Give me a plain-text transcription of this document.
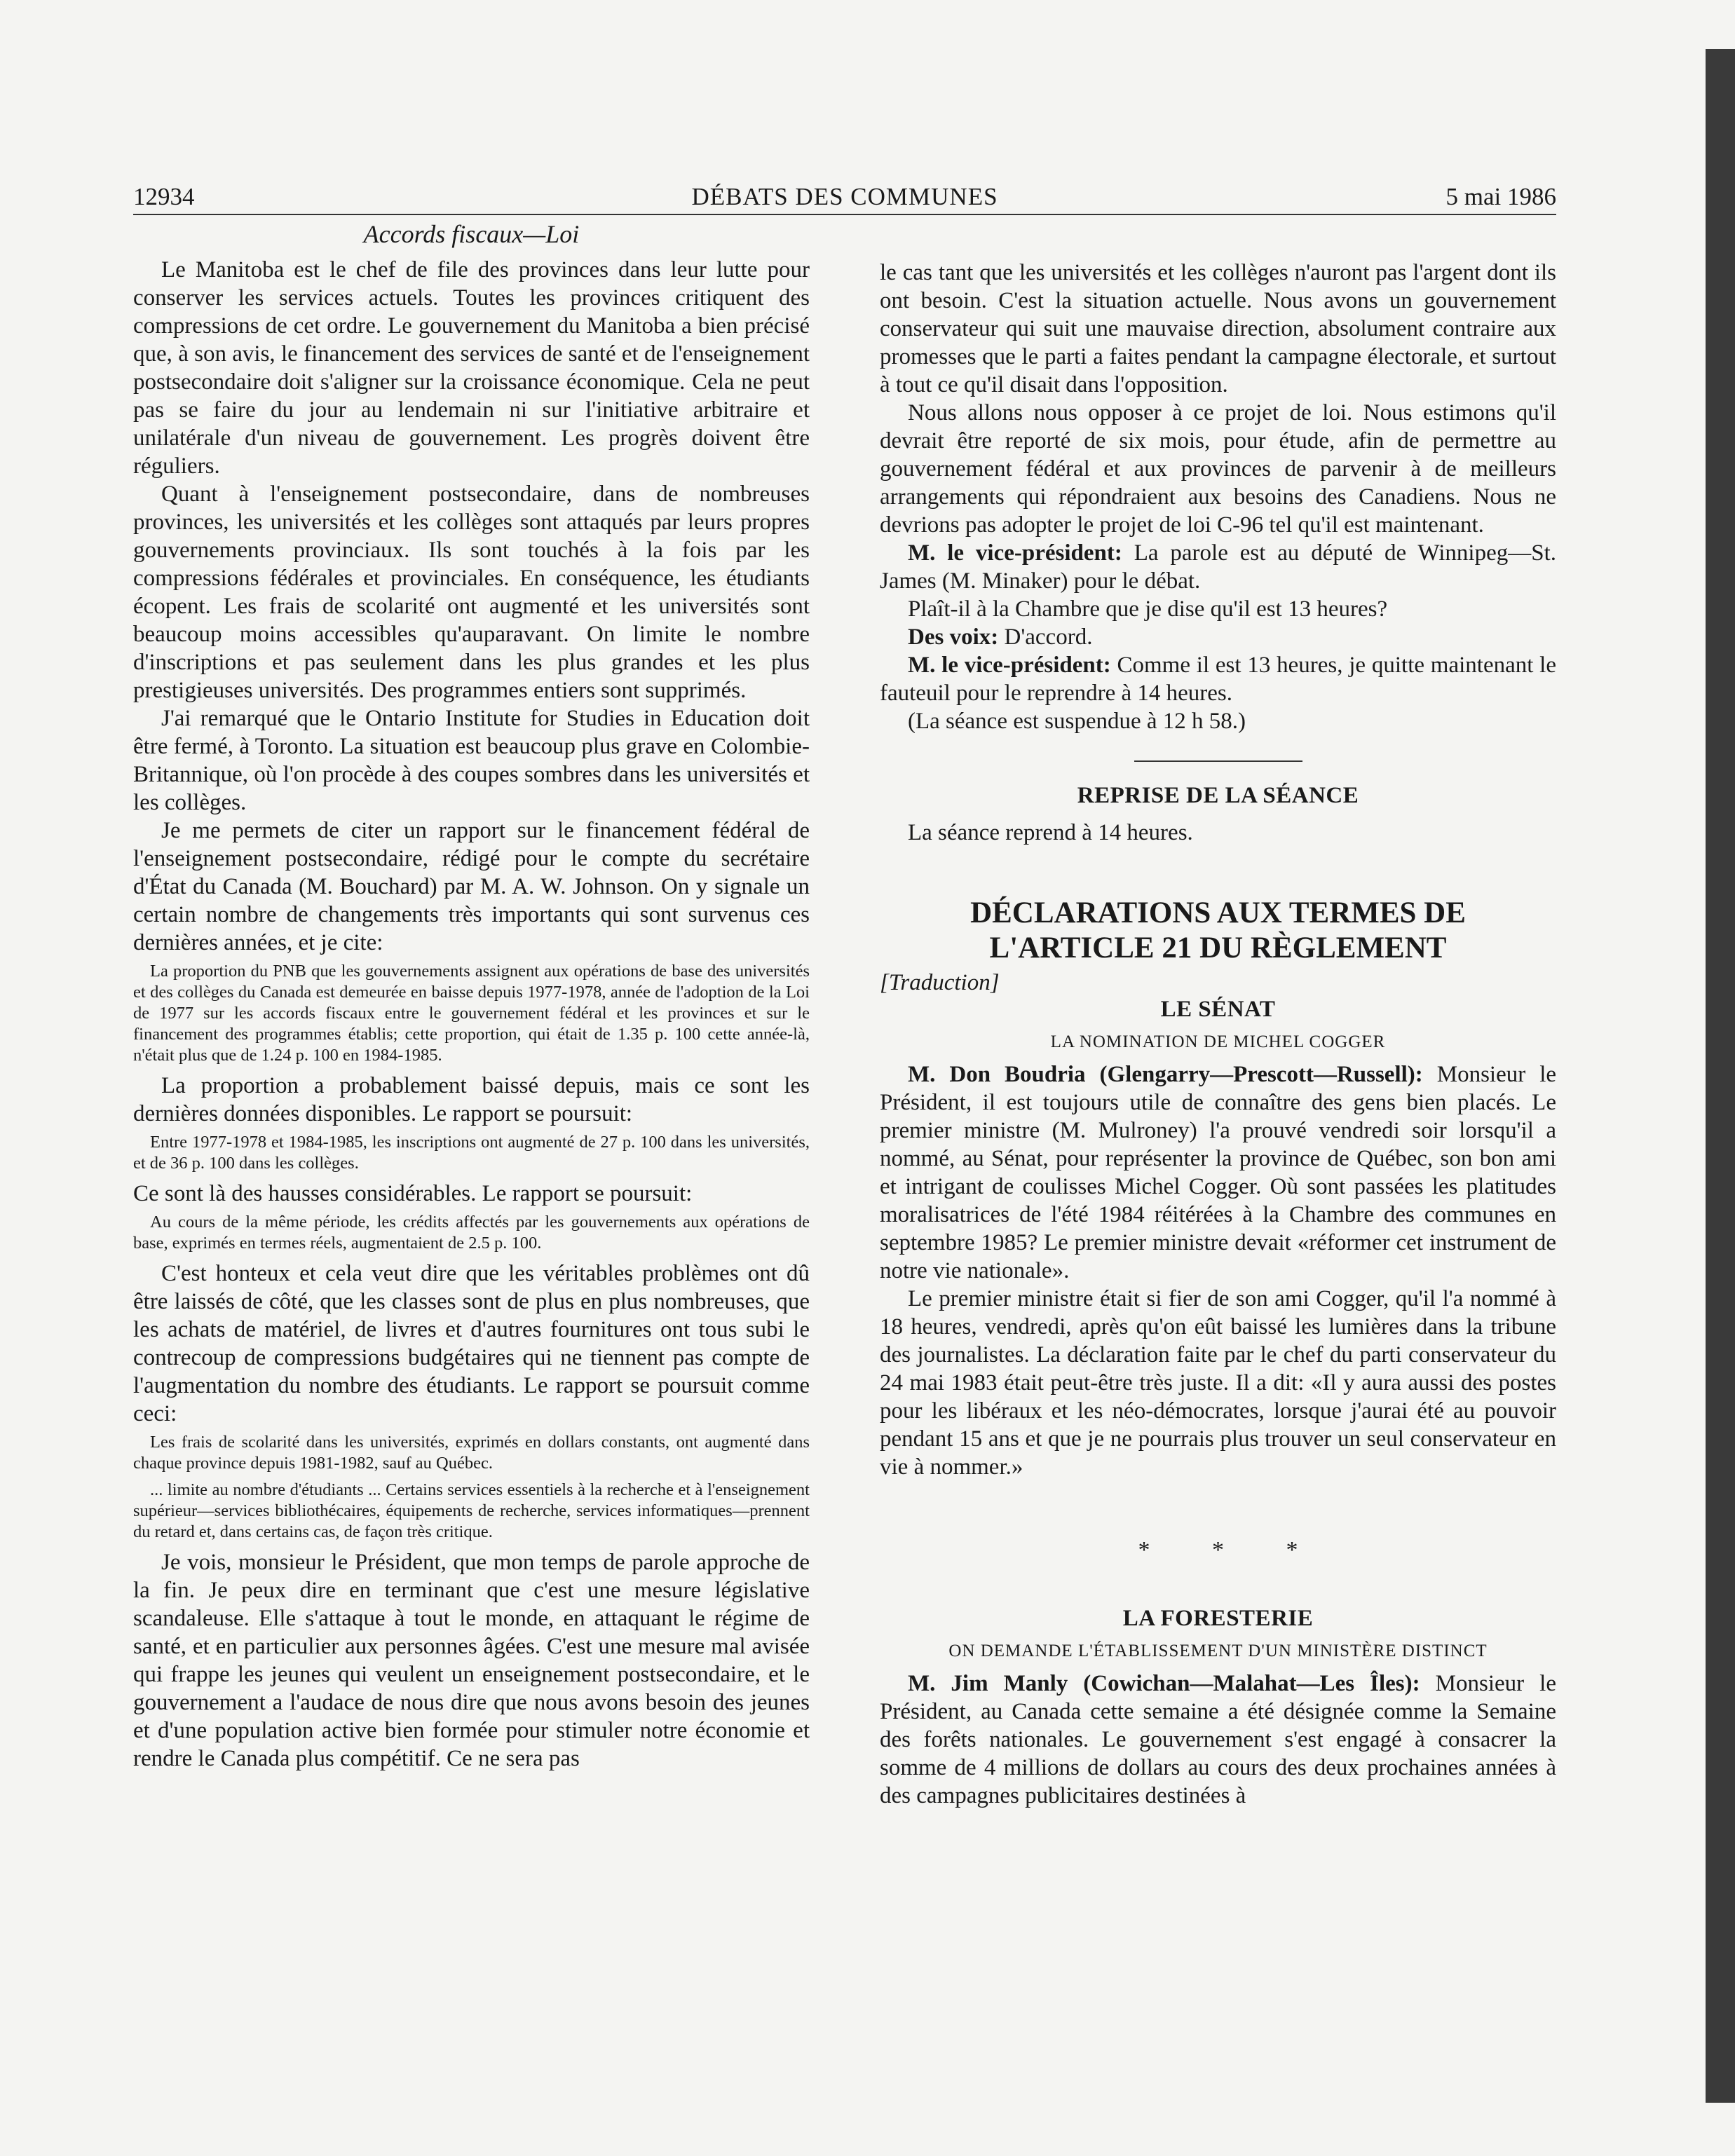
12934	DÉBATS DES COMMUNES	5 mai 1986
Accords fiscaux—Loi

Le Manitoba est le chef de file des provinces dans leur lutte pour conserver les services actuels. Toutes les provinces critiquent des compressions de cet ordre. Le gouvernement du Manitoba a bien précisé que, à son avis, le financement des services de santé et de l'enseignement postsecondaire doit s'aligner sur la croissance économique. Cela ne peut pas se faire du jour au lendemain ni sur l'initiative arbitraire et unilatérale d'un niveau de gouvernement. Les progrès doivent être réguliers.

Quant à l'enseignement postsecondaire, dans de nombreuses provinces, les universités et les collèges sont attaqués par leurs propres gouvernements provinciaux. Ils sont touchés à la fois par les compressions fédérales et provinciales. En conséquence, les étudiants écopent. Les frais de scolarité ont augmenté et les universités sont beaucoup moins accessibles qu'auparavant. On limite le nombre d'inscriptions et pas seulement dans les plus grandes et les plus prestigieuses universités. Des programmes entiers sont supprimés.

J'ai remarqué que le Ontario Institute for Studies in Education doit être fermé, à Toronto. La situation est beaucoup plus grave en Colombie-Britannique, où l'on procède à des coupes sombres dans les universités et les collèges.

Je me permets de citer un rapport sur le financement fédéral de l'enseignement postsecondaire, rédigé pour le compte du secrétaire d'État du Canada (M. Bouchard) par M. A. W. Johnson. On y signale un certain nombre de changements très importants qui sont survenus ces dernières années, et je cite:

La proportion du PNB que les gouvernements assignent aux opérations de base des universités et des collèges du Canada est demeurée en baisse depuis 1977-1978, année de l'adoption de la Loi de 1977 sur les accords fiscaux entre le gouvernement fédéral et les provinces et sur le financement des programmes établis; cette proportion, qui était de 1.35 p. 100 cette année-là, n'était plus que de 1.24 p. 100 en 1984-1985.

La proportion a probablement baissé depuis, mais ce sont les dernières données disponibles. Le rapport se poursuit:

Entre 1977-1978 et 1984-1985, les inscriptions ont augmenté de 27 p. 100 dans les universités, et de 36 p. 100 dans les collèges.

Ce sont là des hausses considérables. Le rapport se poursuit:

Au cours de la même période, les crédits affectés par les gouvernements aux opérations de base, exprimés en termes réels, augmentaient de 2.5 p. 100.

C'est honteux et cela veut dire que les véritables problèmes ont dû être laissés de côté, que les classes sont de plus en plus nombreuses, que les achats de matériel, de livres et d'autres fournitures ont tous subi le contrecoup de compressions budgétaires qui ne tiennent pas compte de l'augmentation du nombre des étudiants. Le rapport se poursuit comme ceci:

Les frais de scolarité dans les universités, exprimés en dollars constants, ont augmenté dans chaque province depuis 1981-1982, sauf au Québec.
... limite au nombre d'étudiants ... Certains services essentiels à la recherche et à l'enseignement supérieur—services bibliothécaires, équipements de recherche, services informatiques—prennent du retard et, dans certains cas, de façon très critique.

Je vois, monsieur le Président, que mon temps de parole approche de la fin. Je peux dire en terminant que c'est une mesure législative scandaleuse. Elle s'attaque à tout le monde, en attaquant le régime de santé, et en particulier aux personnes âgées. C'est une mesure mal avisée qui frappe les jeunes qui veulent un enseignement postsecondaire, et le gouvernement a l'audace de nous dire que nous avons besoin des jeunes et d'une population active bien formée pour stimuler notre économie et rendre le Canada plus compétitif. Ce ne sera pas

le cas tant que les universités et les collèges n'auront pas l'argent dont ils ont besoin. C'est la situation actuelle. Nous avons un gouvernement conservateur qui suit une mauvaise direction, absolument contraire aux promesses que le parti a faites pendant la campagne électorale, et surtout à tout ce qu'il disait dans l'opposition.

Nous allons nous opposer à ce projet de loi. Nous estimons qu'il devrait être reporté de six mois, pour étude, afin de permettre au gouvernement fédéral et aux provinces de parvenir à de meilleurs arrangements qui répondraient aux besoins des Canadiens. Nous ne devrions pas adopter le projet de loi C-96 tel qu'il est maintenant.

M. le vice-président: La parole est au député de Winnipeg—St. James (M. Minaker) pour le débat.

Plaît-il à la Chambre que je dise qu'il est 13 heures?

Des voix: D'accord.

M. le vice-président: Comme il est 13 heures, je quitte maintenant le fauteuil pour le reprendre à 14 heures.

(La séance est suspendue à 12 h 58.)

REPRISE DE LA SÉANCE

La séance reprend à 14 heures.

DÉCLARATIONS AUX TERMES DE
L'ARTICLE 21 DU RÈGLEMENT
[Traduction]
LE SÉNAT
LA NOMINATION DE MICHEL COGGER

M. Don Boudria (Glengarry—Prescott—Russell): Monsieur le Président, il est toujours utile de connaître des gens bien placés. Le premier ministre (M. Mulroney) l'a prouvé vendredi soir lorsqu'il a nommé, au Sénat, pour représenter la province de Québec, son bon ami et intrigant de coulisses Michel Cogger. Où sont passées les platitudes moralisatrices de l'été 1984 réitérées à la Chambre des communes en septembre 1985? Le premier ministre devait «réformer cet instrument de notre vie nationale».

Le premier ministre était si fier de son ami Cogger, qu'il l'a nommé à 18 heures, vendredi, après qu'on eût baissé les lumières dans la tribune des journalistes. La déclaration faite par le chef du parti conservateur du 24 mai 1983 était peut-être très juste. Il a dit: «Il y aura aussi des postes pour les libéraux et les néo-démocrates, lorsque j'aurai été au pouvoir pendant 15 ans et que je ne pourrais plus trouver un seul conservateur en vie à nommer.»

* * *
LA FORESTERIE
ON DEMANDE L'ÉTABLISSEMENT D'UN MINISTÈRE DISTINCT

M. Jim Manly (Cowichan—Malahat—Les Îles): Monsieur le Président, au Canada cette semaine a été désignée comme la Semaine des forêts nationales. Le gouvernement s'est engagé à consacrer la somme de 4 millions de dollars au cours des deux prochaines années à des campagnes publicitaires destinées à
